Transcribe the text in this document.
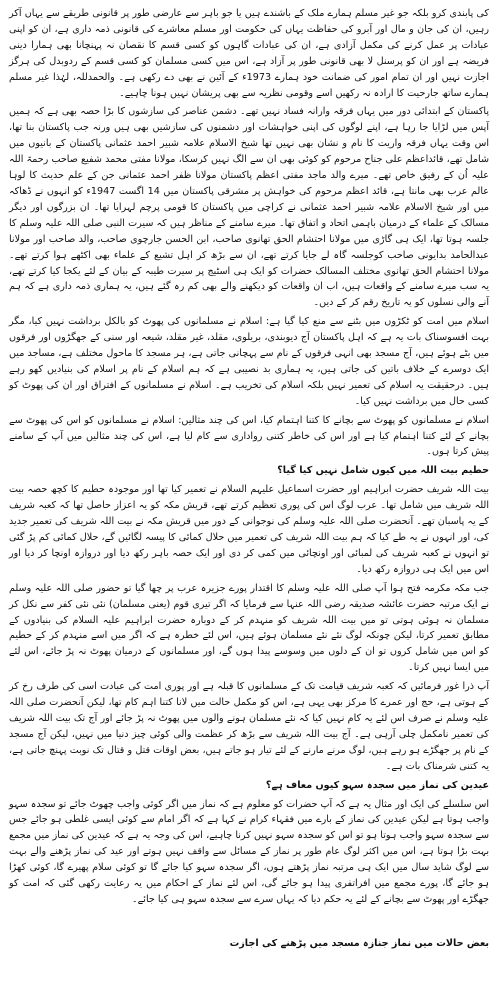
کی پابندی کرو بلکہ جو غیر مسلم ہمارے ملک کے باشندے ہیں یا جو باہر سے عارضی طور پر قانونی طریقے سے یہاں آکر رہیں، ان کی جان و مال اور آبرو کی حفاظت یہاں کی حکومت اور مسلم معاشرے کی قانونی ذمہ داری ہے، ان کو اپنی عبادات پر عمل کرنے کی مکمل آزادی ہے، ان کی عبادات گاہوں کو کسی قسم کا نقصان نہ پہنچانا بھی ہمارا دینی فریضہ ہے اور ان کو پرسنل لا بھی قانونی طور پر آزاد ہے، اس میں کسی مسلمان کو کسی قسم کے ردوبدل کی ہرگز اجازت نہیں اور ان تمام امور کی ضمانت خود ہمارے 1973ء کے آئین نے بھی دے رکھی ہے۔ والحمدللہ، لہٰذا غیر مسلم ہمارے ساتھ جارحیت کا ارادہ نہ رکھیں اسے وقومی نظریہ سے بھی پریشان نہیں ہونا چاہیے۔

پاکستان کے ابتدائی دور میں یہاں فرقہ وارانہ فساد نہیں تھے۔ دشمن عناصر کی سازشوں کا بڑا حصہ بھی ہے کہ ہمیں آپس میں لڑایا جا رہا ہے، اپنے لوگوں کی اپنی خواہشات اور دشمنوں کی سازشیں بھی ہیں ورنہ جب پاکستان بنا تھا، اس وقت یہاں فرقہ واریت کا نام و نشان بھی نہیں تھا شیخ الاسلام علامہ شبیر احمد عثمانی پاکستان کے بانیوں میں شامل تھے، قائداعظم علی جناح مرحوم کو کوئی بھی ان سے الگ نہیں کرسکا، مولانا مفتی محمد شفیع صاحب رحمۃ اللہ علیہ اُن کے رفیق خاص تھے۔ میرے والد ماجد مفتی اعظم پاکستان مولانا ظفر احمد عثمانی جن کے علم حدیث کا لوہا عالم عرب بھی مانتا ہے، قائد اعظم مرحوم کی خواہش پر مشرقی پاکستان میں 14 اگست 1947ء کو انہوں نے ڈھاکہ میں اور شیخ الاسلام علامہ شبیر احمد عثمانی نے کراچی میں پاکستان کا قومی پرچم لہرایا تھا۔ ان بزرگوں اور دیگر مسالک کے علماء کے درمیان باہمی اتحاد و اتفاق تھا۔ میرے سامنے کے مناظر ہیں کہ سیرت النبی صلی اللہ علیہ وسلم کا جلسہ ہوتا تھا، ایک ہی گاڑی میں مولانا احتشام الحق تھانوی صاحب، ابن الحسن جارچوی صاحب، والد صاحب اور مولانا عبدالحامد بدایونی صاحب کوجلسہ گاہ لے جایا کرتے تھے، ان سے بڑھ کر اہل تشیع کے علماء بھی اکٹھے ہوا کرتے تھے۔ مولانا احتشام الحق تھانوی مختلف المسالک حضرات کو ایک ہی اسٹیج پر سیرت طیبہ کے بیان کے لئے یکجا کیا کرتے تھے، یہ سب میرے سامنے کے واقعات ہیں، اب ان واقعات کو دیکھنے والے بھی کم رہ گئے ہیں، یہ ہماری ذمہ داری ہے کہ ہم آنے والی نسلوں کو یہ تاریخ رقم کر کے دیں۔

اسلام میں امت کو ٹکڑوں میں بٹنے سے منع کیا گیا ہے: اسلام نے مسلمانوں کی پھوٹ کو بالکل برداشت نہیں کیا، مگر بہت افسوسناک بات یہ ہے کہ اہل پاکستان آج دیوبندی، بریلوی، مقلد، غیر مقلد، شیعہ اور سنی کے جھگڑوں اور فرقوں میں بٹے ہوئے ہیں، آج مسجد بھی انہی فرقوں کے نام سے پہچانی جاتی ہے، ہر مسجد کا ماحول مختلف ہے، مساجد میں ایک دوسرے کے خلاف باتیں کی جاتی ہیں، یہ ہماری بد نصیبی ہے کہ ہم اسلام کے نام پر اسلام کی بنیادیں کھو رہے ہیں۔ درحقیقت یہ اسلام کی تعمیر نہیں بلکہ اسلام کی تخریب ہے۔ اسلام نے مسلمانوں کے افتراق اور ان کی پھوٹ کو کسی حال میں برداشت نہیں کیا۔

اسلام نے مسلمانوں کو پھوٹ سے بچانے کا کتنا اہتمام کیا، اس کی چند مثالیں: اسلام نے مسلمانوں کو اس کی پھوٹ سے بچانے کے لئے کتنا اہتمام کیا ہے اور اس کی خاطر کتنی رواداری سے کام لیا ہے، اس کی چند مثالیں میں آپ کے سامنے پیش کرتا ہوں۔

حطیم بیت اللہ میں کیوں شامل نہیں کیا گیا؟

بیت اللہ شریف حضرت ابراہیم اور حضرت اسماعیل علیہم السلام نے تعمیر کیا تھا اور موجودہ حطیم کا کچھ حصہ بیت اللہ شریف میں شامل تھا۔ عرب لوگ اس کی پوری تعظیم کرتے تھے، قریش مکہ کو یہ اعزاز حاصل تھا کہ کعبہ شریف کے یہ پاسبان تھے۔ آنحضرت صلی اللہ علیہ وسلم کی نوجوانی کے دور میں قریش مکہ نے بیت اللہ شریف کی تعمیر جدید کی، اور انہوں نے یہ طے کیا کہ ہم بیت اللہ شریف کی تعمیر میں حلال کمائی کا پیسہ لگائیں گے، حلال کمائی کم پڑ گئی تو انہوں نے کعبہ شریف کی لمبائی اور اونچائی میں کمی کر دی اور ایک حصہ باہر رکھ دیا اور دروازہ اونچا کر دیا اور اس میں ایک ہی دروازہ رکھ دیا۔

جب مکہ مکرمہ فتح ہوا آپ صلی اللہ علیہ وسلم کا اقتدار پورے جزیرہ عرب پر چھا گیا تو حضور صلی اللہ علیہ وسلم نے ایک مرتبہ حضرت عائشہ صدیقہ رضی اللہ عنہا سے فرمایا کہ اگر تیری قوم (یعنی مسلمان) نئی نئی کفر سے نکل کر مسلمان نہ ہوئی ہوتی تو میں بیت اللہ شریف کو منہدم کر کے دوبارہ حضرت ابراہیم علیہ السلام کی بنیادوں کے مطابق تعمیر کرتا، لیکن چونکہ لوگ نئے نئے مسلمان ہوئے ہیں، اس لئے خطرہ ہے کہ اگر میں اسے منہدم کر کے حطیم کو اس میں شامل کروں تو ان کے دلوں میں وسوسے پیدا ہوں گے، اور مسلمانوں کے درمیان پھوٹ نہ پڑ جائے، اس لئے میں ایسا نہیں کرتا۔

آپ ذرا غور فرمائیں کہ کعبہ شریف قیامت تک کے مسلمانوں کا قبلہ ہے اور پوری امت کی عبادت اسی کی طرف رخ کر کے ہوتی ہے، حج اور عمرے کا مرکز بھی یہی ہے، اس کو مکمل حالت میں لانا کتنا اہم کام تھا، لیکن آنحضرت صلی اللہ علیہ وسلم نے صرف اس لئے یہ کام نہیں کیا کہ نئے مسلمان ہونے والوں میں پھوٹ نہ پڑ جائے اور آج تک بیت اللہ شریف کی تعمیر نامکمل چلی آرہی ہے۔ آج بیت اللہ شریف سے بڑھ کر عظمت والی کوئی چیز دنیا میں نہیں، لیکن آج مسجد کے نام پر جھگڑے ہو رہے ہیں، لوگ مرنے مارنے کے لئے تیار ہو جاتے ہیں، بعض اوقات قتل و قتال تک نوبت پہنچ جاتی ہے، یہ کتنی شرمناک بات ہے۔

عیدین کی نماز میں سجدہ سہو کیوں معاف ہے؟

اس سلسلے کی ایک اور مثال یہ ہے کہ آپ حضرات کو معلوم ہے کہ نماز میں اگر کوئی واجب چھوٹ جائے تو سجدہ سہو واجب ہوتا ہے لیکن عیدین کی نماز کے بارے میں فقہاء کرام نے کہا ہے کہ اگر امام سے کوئی ایسی غلطی ہو جائے جس سے سجدہ سہو واجب ہوتا ہو تو اس کو سجدہ سہو نہیں کرنا چاہیے، اس کی وجہ یہ ہے کہ عیدین کی نماز میں مجمع بہت بڑا ہوتا ہے، اس میں اکثر لوگ عام طور پر نماز کے مسائل سے واقف نہیں ہوتے اور عید کی نماز پڑھنے والے بہت سے لوگ شاید سال میں ایک ہی مرتبہ نماز پڑھتے ہوں، اگر سجدہ سہو کیا جائے گا تو کوئی سلام پھیرے گا، کوئی کھڑا ہو جائے گا، پورے مجمع میں افراتفری پیدا ہو جائے گی، اس لئے نماز کے احکام میں یہ رعایت رکھی گئی کہ امت کو جھگڑے اور پھوٹ سے بچانے کے لئے یہ حکم دیا کہ یہاں سرے سے سجدہ سہو ہی کیا جائے۔

بعض حالات میں نماز جنازہ مسجد میں پڑھنے کی اجازت
